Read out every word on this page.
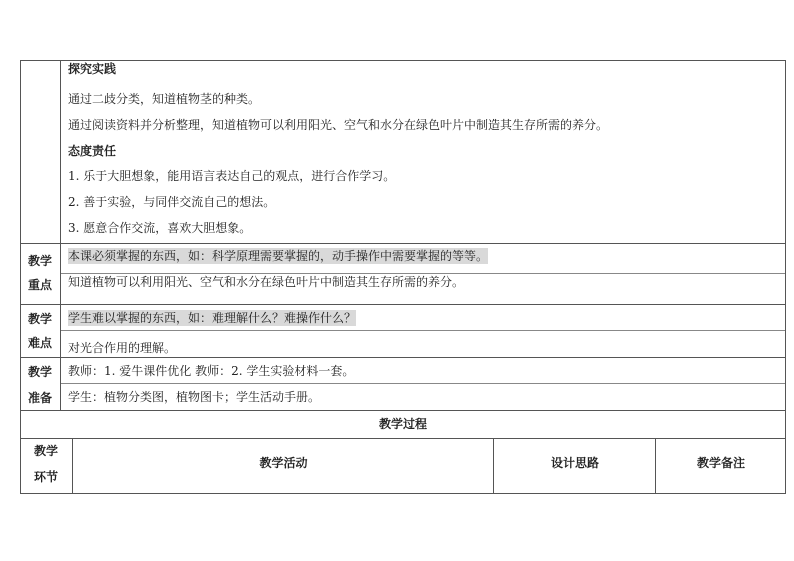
探究实践
通过二歧分类，知道植物茎的种类。
通过阅读资料并分析整理，知道植物可以利用阳光、空气和水分在绿色叶片中制造其生存所需的养分。
态度责任
1. 乐于大胆想象，能用语言表达自己的观点，进行合作学习。
2. 善于实验，与同伴交流自己的想法。
3. 愿意合作交流，喜欢大胆想象。
教学
重点
本课必须掌握的东西，如：科学原理需要掌握的，动手操作中需要掌握的等等。
知道植物可以利用阳光、空气和水分在绿色叶片中制造其生存所需的养分。
教学
难点
学生难以掌握的东西，如：难理解什么？难操作什么？
对光合作用的理解。
教学
准备
教师：1. 爱牛课件优化 教师：2. 学生实验材料一套。
学生：植物分类图，植物图卡；学生活动手册。
教学过程
教学
环节
教学活动	设计思路	教学备注
